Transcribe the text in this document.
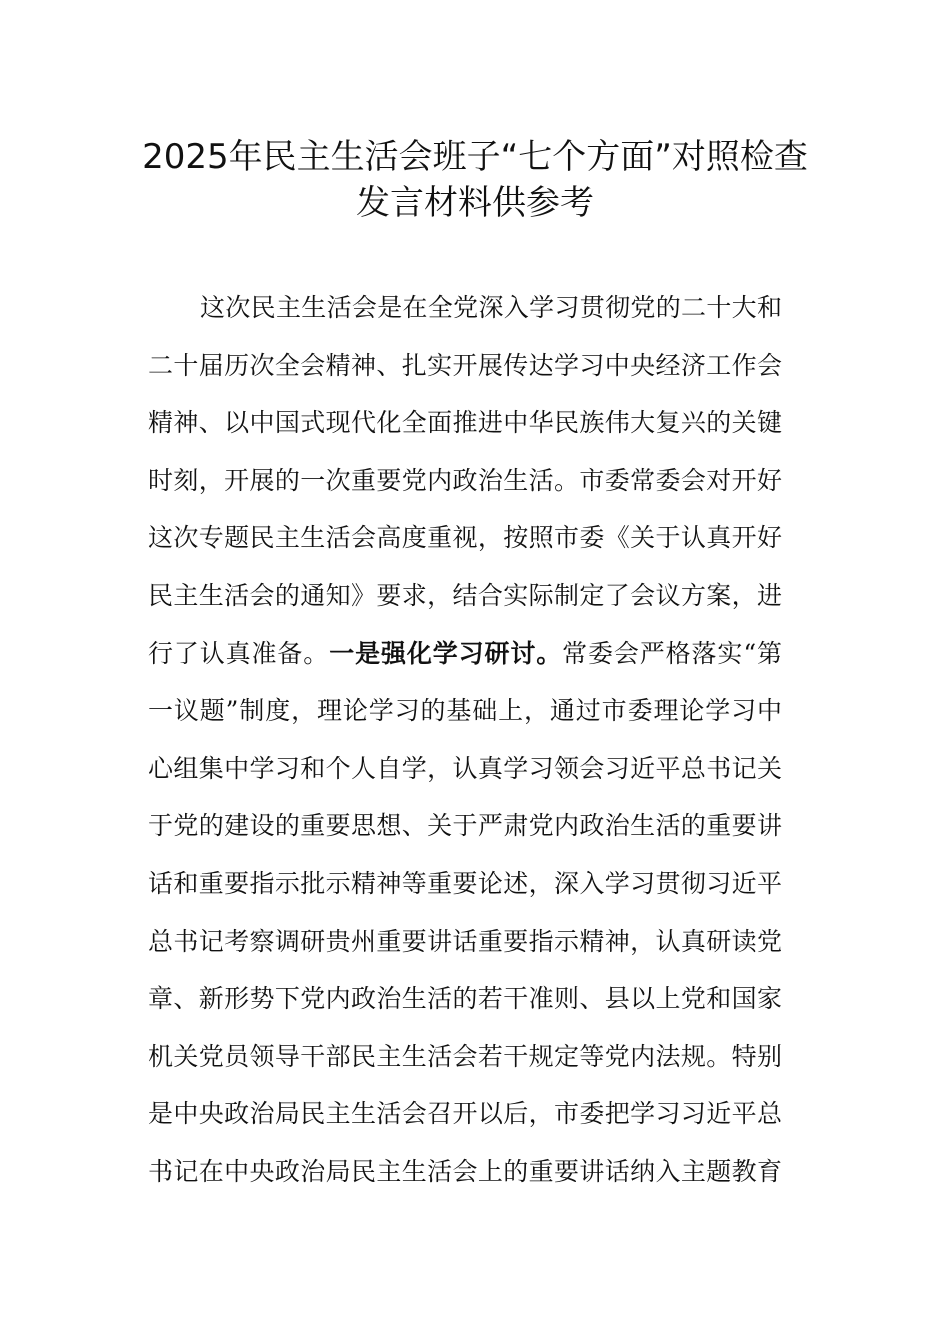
2025年民主生活会班子“七个方面”对照检查
发言材料供参考
这次民主生活会是在全党深入学习贯彻党的二十大和
二十届历次全会精神、扎实开展传达学习中央经济工作会
精神、以中国式现代化全面推进中华民族伟大复兴的关键
时刻，开展的一次重要党内政治生活。市委常委会对开好
这次专题民主生活会高度重视，按照市委《关于认真开好
民主生活会的通知》要求，结合实际制定了会议方案，进
行了认真准备。一是强化学习研讨。常委会严格落实“第
一议题”制度，理论学习的基础上，通过市委理论学习中
心组集中学习和个人自学，认真学习领会习近平总书记关
于党的建设的重要思想、关于严肃党内政治生活的重要讲
话和重要指示批示精神等重要论述，深入学习贯彻习近平
总书记考察调研贵州重要讲话重要指示精神，认真研读党
章、新形势下党内政治生活的若干准则、县以上党和国家
机关党员领导干部民主生活会若干规定等党内法规。特别
是中央政治局民主生活会召开以后，市委把学习习近平总
书记在中央政治局民主生活会上的重要讲话纳入主题教育
